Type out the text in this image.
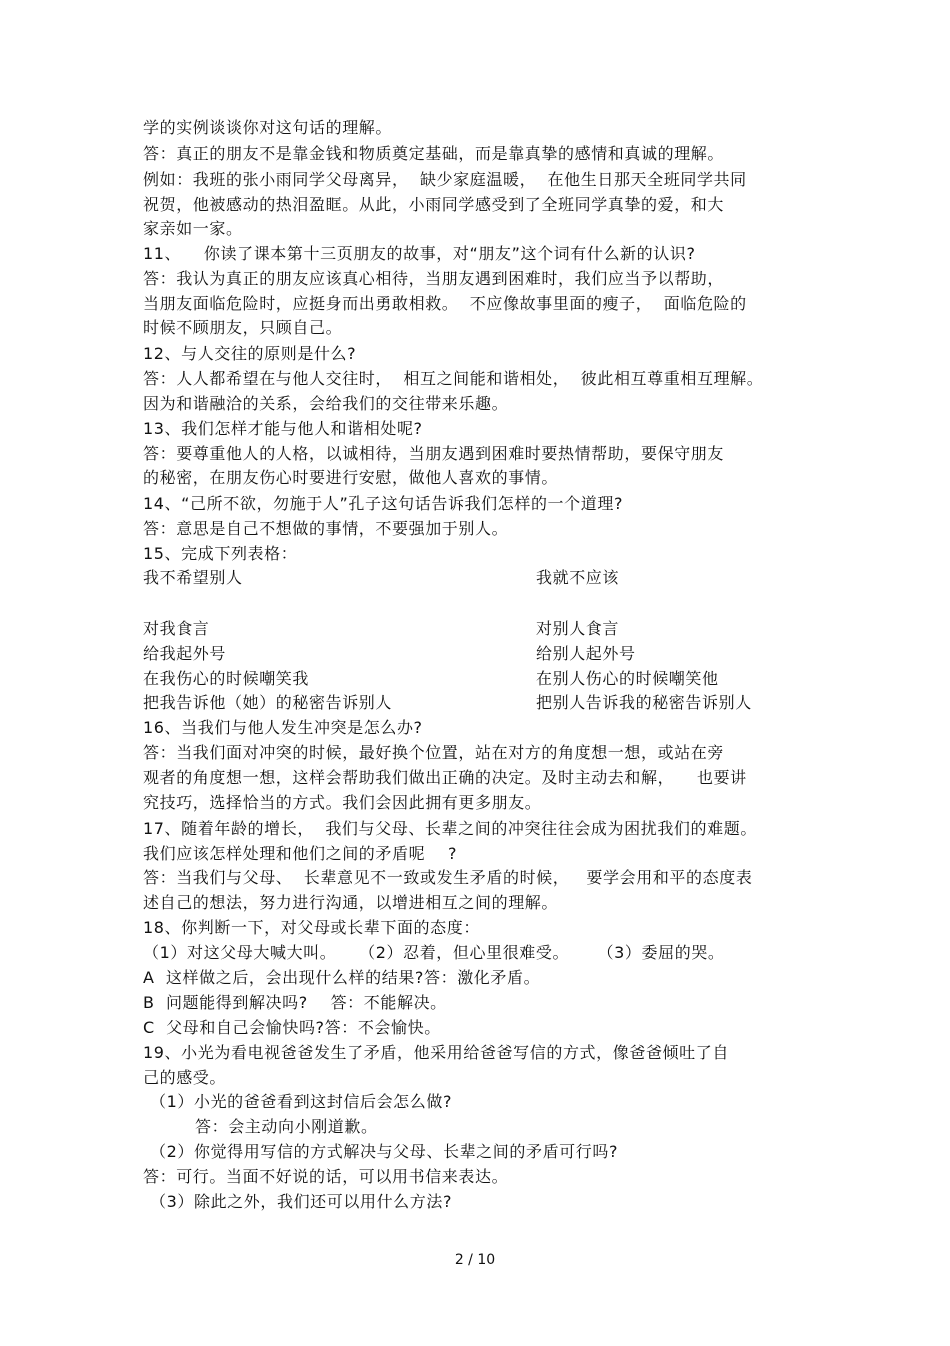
学的实例谈谈你对这句话的理解。
答：真正的朋友不是靠金钱和物质奠定基础，而是靠真挚的感情和真诚的理解。
例如：我班的张小雨同学父母离异，  缺少家庭温暖，  在他生日那天全班同学共同
祝贺，他被感动的热泪盈眶。从此，小雨同学感受到了全班同学真挚的爱，和大
家亲如一家。
11、    你读了课本第十三页朋友的故事，对“朋友”这个词有什么新的认识?
答：我认为真正的朋友应该真心相待，当朋友遇到困难时，我们应当予以帮助，
当朋友面临危险时，应挺身而出勇敢相救。  不应像故事里面的瘦子，  面临危险的
时候不顾朋友，只顾自己。
12、与人交往的原则是什么?
答：人人都希望在与他人交往时，  相互之间能和谐相处，  彼此相互尊重相互理解。
因为和谐融洽的关系，会给我们的交往带来乐趣。
13、我们怎样才能与他人和谐相处呢?
答：要尊重他人的人格，以诚相待，当朋友遇到困难时要热情帮助，要保守朋友
的秘密，在朋友伤心时要进行安慰，做他人喜欢的事情。
14、“己所不欲，勿施于人”孔子这句话告诉我们怎样的一个道理?
答：意思是自己不想做的事情，不要强加于别人。
15、完成下列表格：
我不希望别人	我就不应该
对我食言	对别人食言
给我起外号	给别人起外号
在我伤心的时候嘲笑我	在别人伤心的时候嘲笑他
把我告诉他（她）的秘密告诉别人	把别人告诉我的秘密告诉别人
16、当我们与他人发生冲突是怎么办?
答：当我们面对冲突的时候，最好换个位置，站在对方的角度想一想，或站在旁
观者的角度想一想，这样会帮助我们做出正确的决定。及时主动去和解，    也要讲
究技巧，选择恰当的方式。我们会因此拥有更多朋友。
17、随着年龄的增长，  我们与父母、长辈之间的冲突往往会成为困扰我们的难题。
我们应该怎样处理和他们之间的矛盾呢    ?
答：当我们与父母、  长辈意见不一致或发生矛盾的时候，   要学会用和平的态度表
述自己的想法，努力进行沟通，以增进相互之间的理解。
18、你判断一下，对父母或长辈下面的态度：
（1）对这父母大喊大叫。    （2）忍着，但心里很难受。     （3）委屈的哭。
A  这样做之后，会出现什么样的结果?答：激化矛盾。
B  问题能得到解决吗?    答：不能解决。
C  父母和自己会愉快吗?答：不会愉快。
19、小光为看电视爸爸发生了矛盾，他采用给爸爸写信的方式，像爸爸倾吐了自
己的感受。
（1）小光的爸爸看到这封信后会怎么做?
答：会主动向小刚道歉。
（2）你觉得用写信的方式解决与父母、长辈之间的矛盾可行吗?
答：可行。当面不好说的话，可以用书信来表达。
（3）除此之外，我们还可以用什么方法?
2 / 10
